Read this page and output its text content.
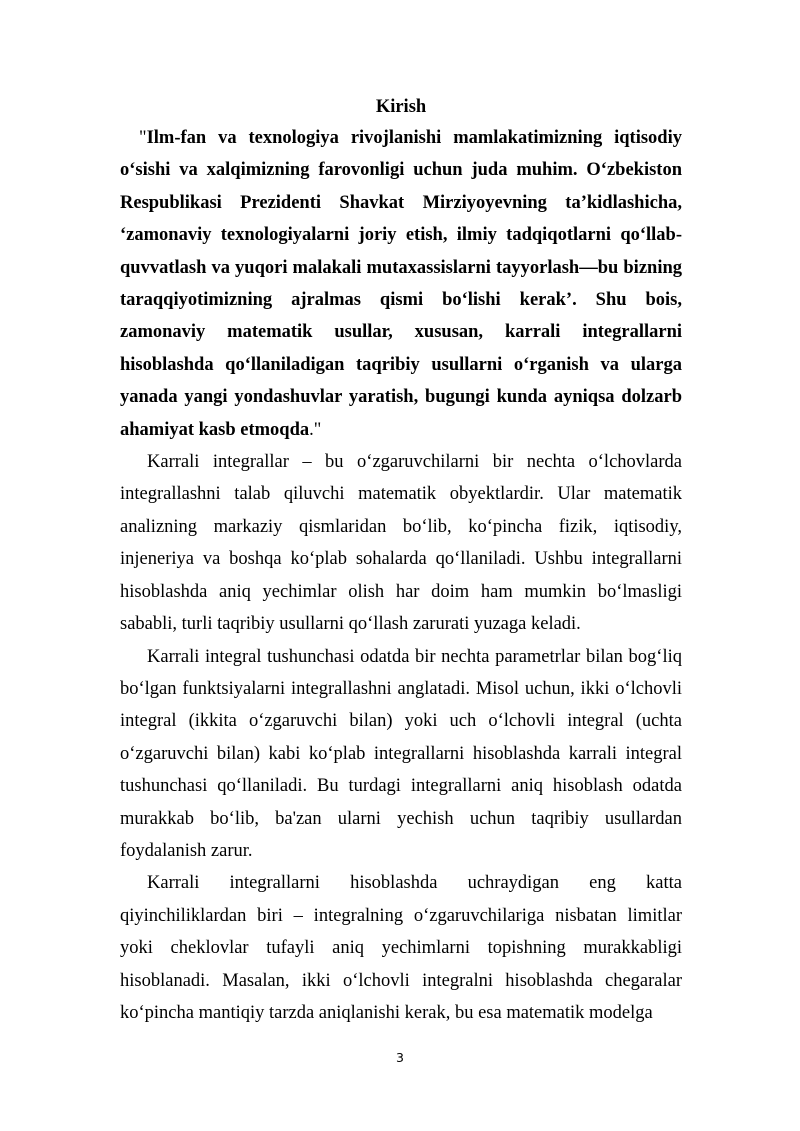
Kirish

"Ilm-fan va texnologiya rivojlanishi mamlakatimizning iqtisodiy o‘sishi va xalqimizning farovonligi uchun juda muhim. O‘zbekiston Respublikasi Prezidenti Shavkat Mirziyoyevning ta’kidlashicha, ‘zamonaviy texnologiyalarni joriy etish, ilmiy tadqiqotlarni qo‘llab-quvvatlash va yuqori malakali mutaxassislarni tayyorlash—bu bizning taraqqiyotimizning ajralmas qismi bo‘lishi kerak’. Shu bois, zamonaviy matematik usullar, xususan, karrali integrallarni hisoblashda qo‘llaniladigan taqribiy usullarni o‘rganish va ularga yanada yangi yondashuvlar yaratish, bugungi kunda ayniqsa dolzarb ahamiyat kasb etmoqda."

Karrali integrallar – bu o‘zgaruvchilarni bir nechta o‘lchovlarda integrallashni talab qiluvchi matematik obyektlardir. Ular matematik analizning markaziy qismlaridan bo‘lib, ko‘pincha fizik, iqtisodiy, injeneriya va boshqa ko‘plab sohalarda qo‘llaniladi. Ushbu integrallarni hisoblashda aniq yechimlar olish har doim ham mumkin bo‘lmasligi sababli, turli taqribiy usullarni qo‘llash zarurati yuzaga keladi.

Karrali integral tushunchasi odatda bir nechta parametrlar bilan bog‘liq bo‘lgan funktsiyalarni integrallashni anglatadi. Misol uchun, ikki o‘lchovli integral (ikkita o‘zgaruvchi bilan) yoki uch o‘lchovli integral (uchta o‘zgaruvchi bilan) kabi ko‘plab integrallarni hisoblashda karrali integral tushunchasi qo‘llaniladi. Bu turdagi integrallarni aniq hisoblash odatda murakkab bo‘lib, ba'zan ularni yechish uchun taqribiy usullardan foydalanish zarur.

Karrali integrallarni hisoblashda uchraydigan eng katta qiyinchiliklardan biri – integralning o‘zgaruvchilariga nisbatan limitlar yoki cheklovlar tufayli aniq yechimlarni topishning murakkabligi hisoblanadi. Masalan, ikki o‘lchovli integralni hisoblashda chegaralar ko‘pincha mantiqiy tarzda aniqlanishi kerak, bu esa matematik modelga

3
